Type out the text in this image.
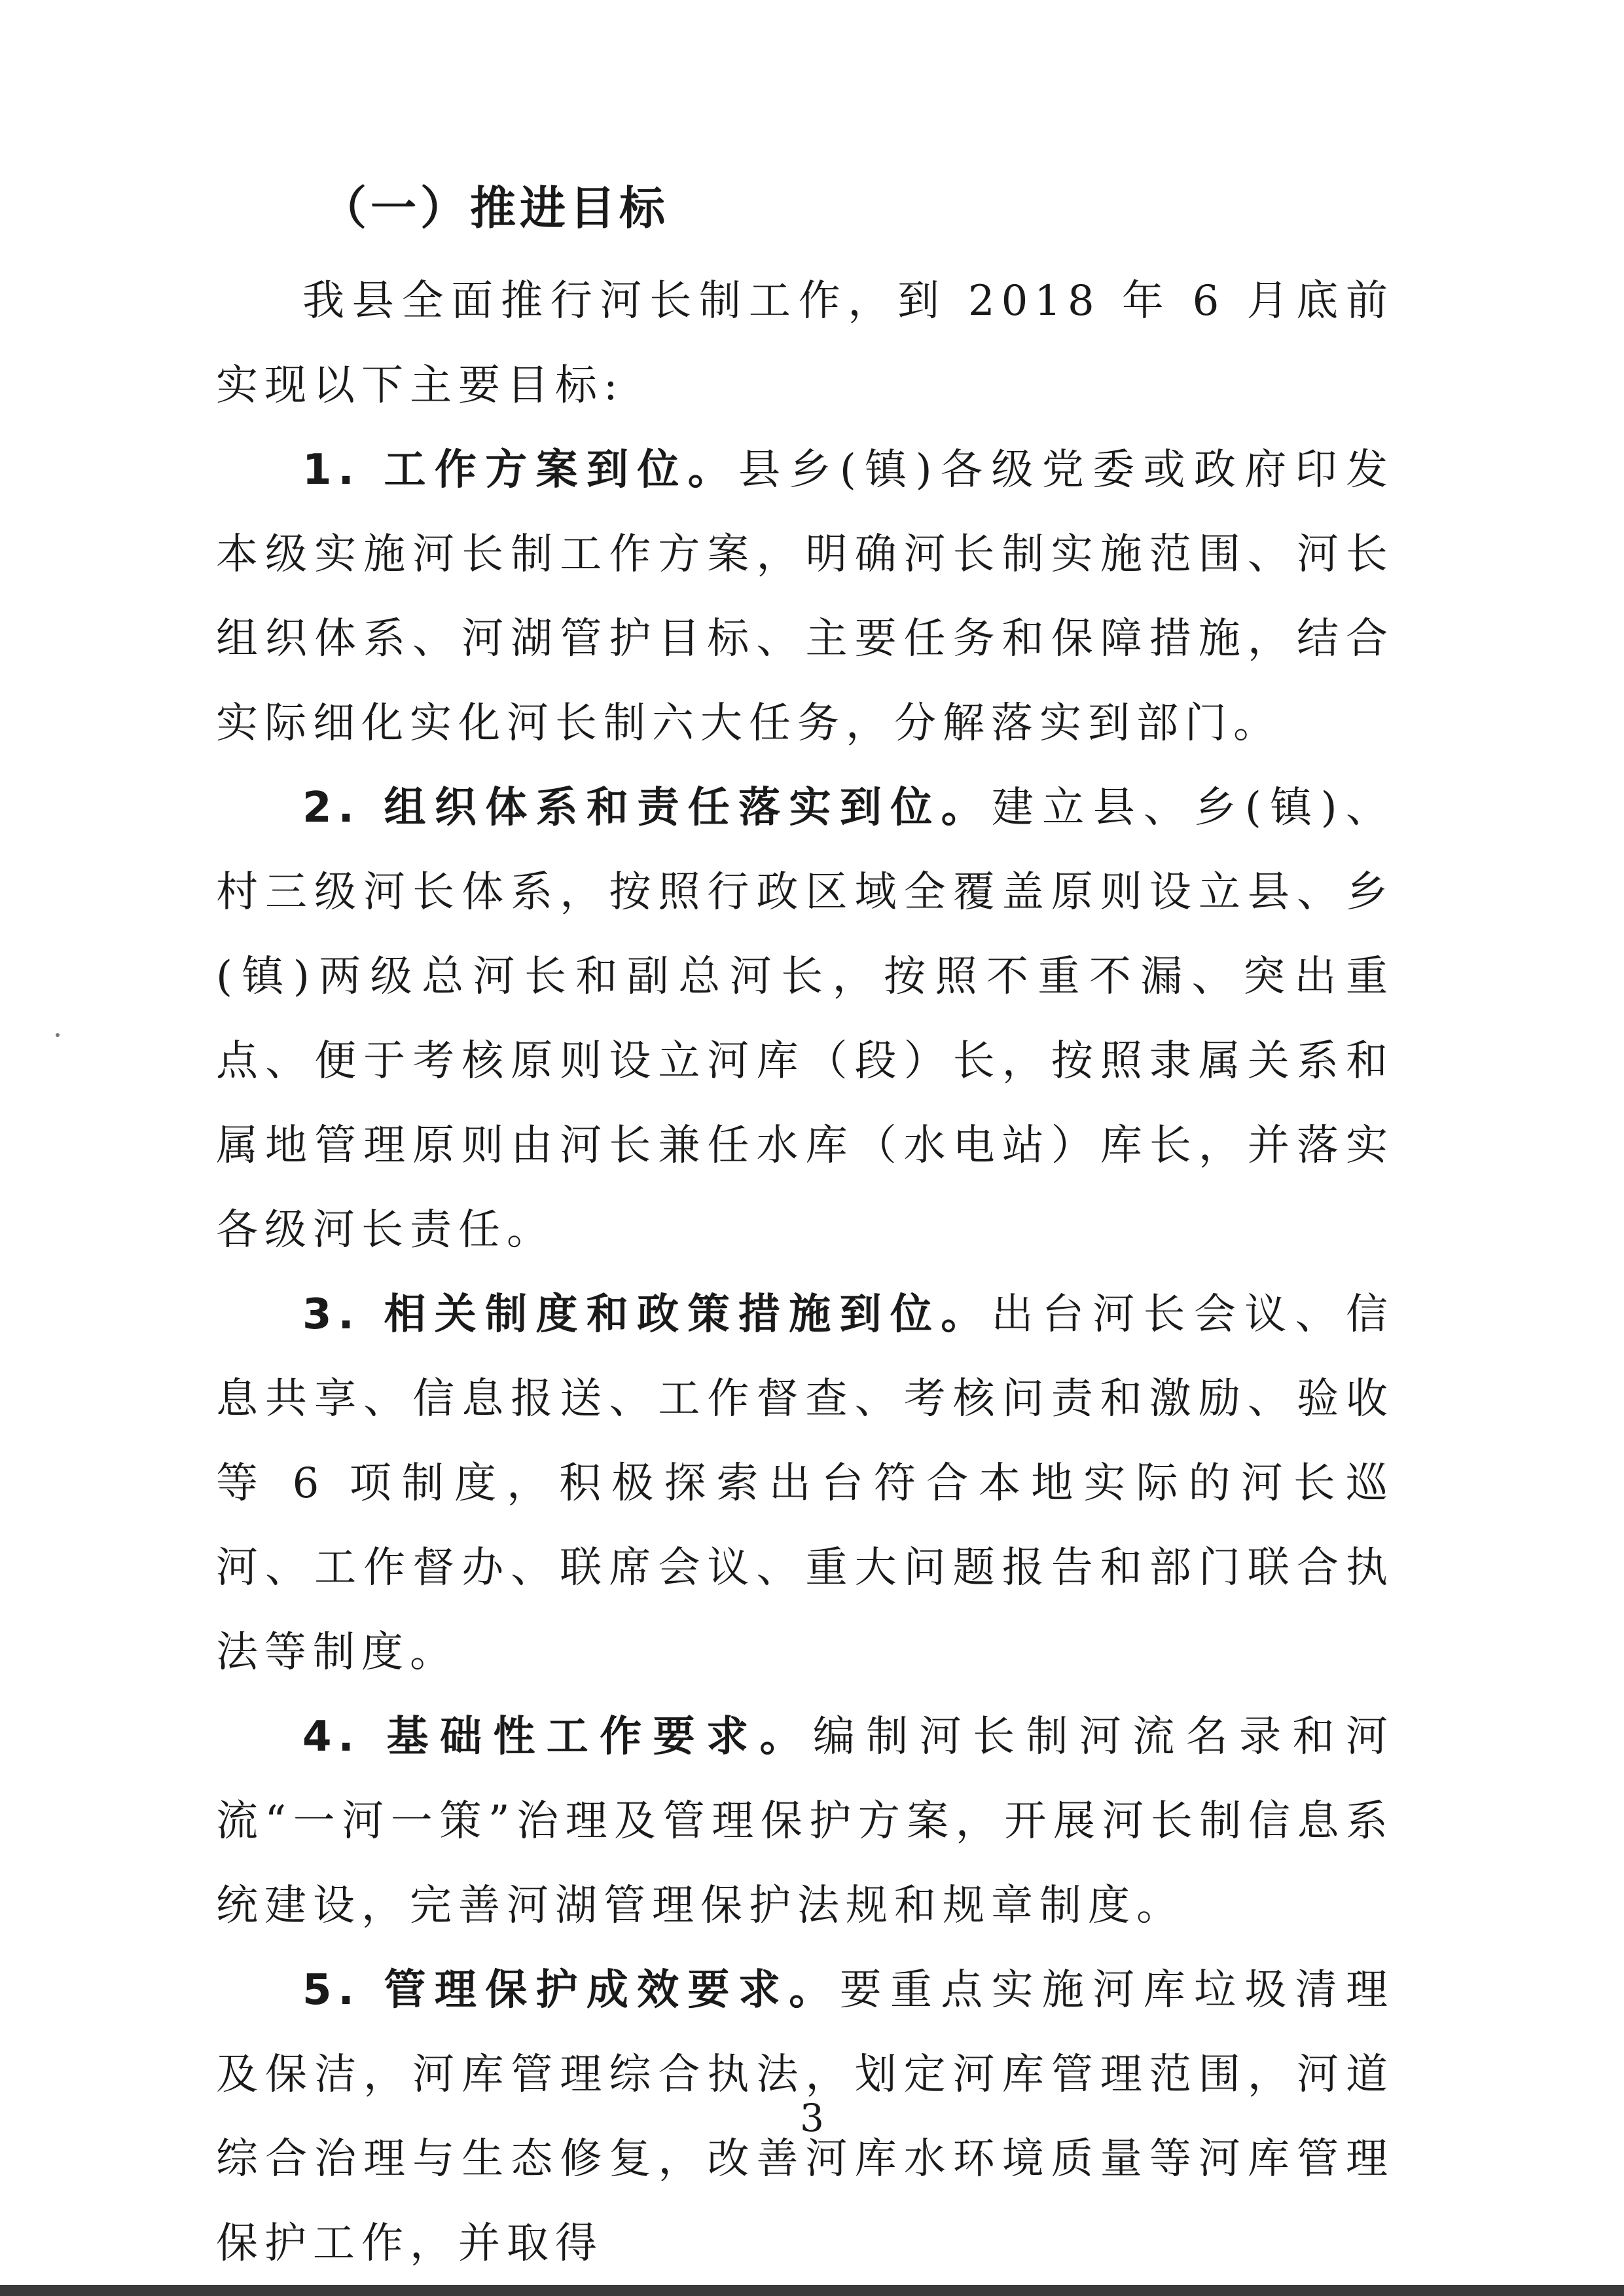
（一）推进目标

我县全面推行河长制工作，到 2018 年 6 月底前实现以下主要目标:

1. 工作方案到位。县乡(镇)各级党委或政府印发本级实施河长制工作方案，明确河长制实施范围、河长组织体系、河湖管护目标、主要任务和保障措施，结合实际细化实化河长制六大任务，分解落实到部门。

2. 组织体系和责任落实到位。建立县、乡(镇)、村三级河长体系，按照行政区域全覆盖原则设立县、乡(镇)两级总河长和副总河长，按照不重不漏、突出重点、便于考核原则设立河库（段）长，按照隶属关系和属地管理原则由河长兼任水库（水电站）库长，并落实各级河长责任。

3. 相关制度和政策措施到位。出台河长会议、信息共享、信息报送、工作督查、考核问责和激励、验收等 6 项制度，积极探索出台符合本地实际的河长巡河、工作督办、联席会议、重大问题报告和部门联合执法等制度。

4. 基础性工作要求。编制河长制河流名录和河流“一河一策”治理及管理保护方案，开展河长制信息系统建设，完善河湖管理保护法规和规章制度。

5. 管理保护成效要求。要重点实施河库垃圾清理及保洁，河库管理综合执法，划定河库管理范围，河道综合治理与生态修复，改善河库水环境质量等河库管理保护工作，并取得

3
